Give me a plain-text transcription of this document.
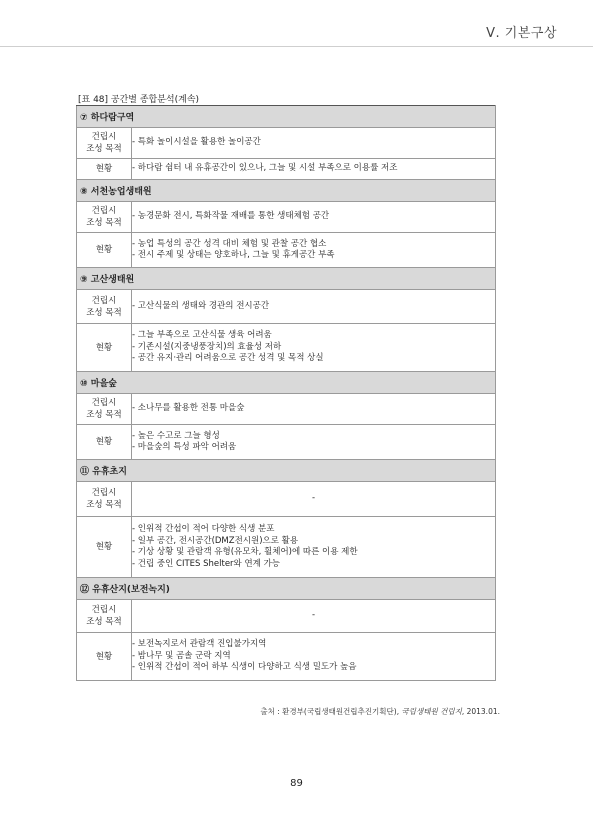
Ⅴ. 기본구상
[표 48] 공간별 종합분석(계속)
⑦ 하다람구역	

건립시
조성 목적	- 특화 놀이시설을 활용한 놀이공간

현황	- 하다람 쉼터 내 유휴공간이 있으나, 그늘 및 시설 부족으로 이용률 저조

⑧ 서천농업생태원	

건립시
조성 목적	- 농경문화 전시, 특화작물 재배를 통한 생태체험 공간

현황	- 농업 특성의 공간 성격 대비 체험 및 관찰 공간 협소
- 전시 주제 및 상태는 양호하나, 그늘 및 휴게공간 부족

⑨ 고산생태원	

건립시
조성 목적	- 고산식물의 생태와 경관의 전시공간

현황	- 그늘 부족으로 고산식물 생육 어려움
- 기존시설(지중냉풍장치)의 효율성 저하
- 공간 유지·관리 어려움으로 공간 성격 및 목적 상실

⑩ 마을숲	

건립시
조성 목적	- 소나무를 활용한 전통 마을숲

현황	- 높은 수고로 그늘 형성
- 마을숲의 특성 파악 어려움

⑪ 유휴초지	

건립시
조성 목적	-

현황	- 인위적 간섭이 적어 다양한 식생 분포
- 일부 공간, 전시공간(DMZ전시원)으로 활용
- 기상 상황 및 관람객 유형(유모차, 휠체어)에 따른 이용 제한
- 건립 중인 CITES Shelter와 연계 가능

⑫ 유휴산지(보전녹지)	

건립시
조성 목적	-

현황	- 보전녹지로서 관람객 진입불가지역
- 밤나무 및 곰솔 군락 지역
- 인위적 간섭이 적어 하부 식생이 다양하고 식생 밀도가 높음
출처 : 환경부(국립생태원건립추진기획단), 국립생태원 건립지, 2013.01.
89
